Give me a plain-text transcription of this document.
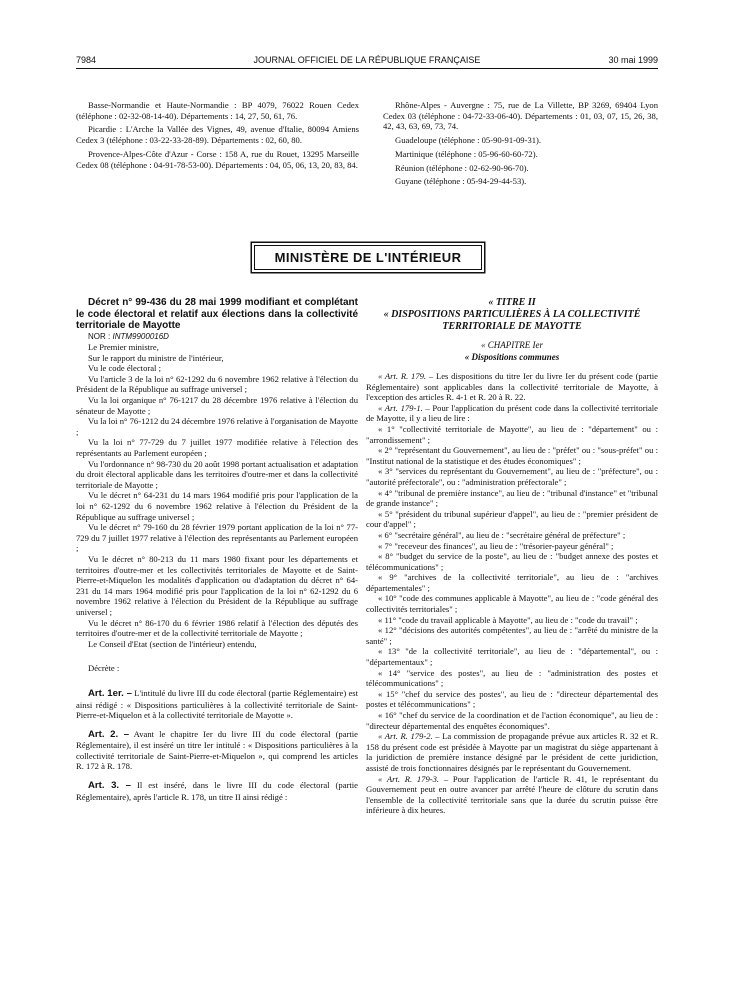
7984	JOURNAL OFFICIEL DE LA RÉPUBLIQUE FRANÇAISE	30 mai 1999

Basse-Normandie et Haute-Normandie : BP 4079, 76022 Rouen Cedex (téléphone : 02-32-08-14-40). Départements : 14, 27, 50, 61, 76.

Picardie : L'Arche la Vallée des Vignes, 49, avenue d'Italie, 80094 Amiens Cedex 3 (téléphone : 03-22-33-28-89). Départements : 02, 60, 80.

Provence-Alpes-Côte d'Azur - Corse : 158 A, rue du Rouet, 13295 Marseille Cedex 08 (téléphone : 04-91-78-53-00). Départements : 04, 05, 06, 13, 20, 83, 84.

Rhône-Alpes - Auvergne : 75, rue de La Villette, BP 3269, 69404 Lyon Cedex 03 (téléphone : 04-72-33-06-40). Départements : 01, 03, 07, 15, 26, 38, 42, 43, 63, 69, 73, 74.

Guadeloupe (téléphone : 05-90-91-09-31).

Martinique (téléphone : 05-96-60-60-72).

Réunion (téléphone : 02-62-90-96-70).

Guyane (téléphone : 05-94-29-44-53).

MINISTÈRE DE L'INTÉRIEUR

Décret n° 99-436 du 28 mai 1999 modifiant et complétant le code électoral et relatif aux élections dans la collectivité territoriale de Mayotte

NOR : INTM9900016D

Le Premier ministre,

Sur le rapport du ministre de l'intérieur,

Vu le code électoral ;

Vu l'article 3 de la loi n° 62-1292 du 6 novembre 1962 relative à l'élection du Président de la République au suffrage universel ;

Vu la loi organique n° 76-1217 du 28 décembre 1976 relative à l'élection du sénateur de Mayotte ;

Vu la loi n° 76-1212 du 24 décembre 1976 relative à l'organisation de Mayotte ;

Vu la loi n° 77-729 du 7 juillet 1977 modifiée relative à l'élection des représentants au Parlement européen ;

Vu l'ordonnance n° 98-730 du 20 août 1998 portant actualisation et adaptation du droit électoral applicable dans les territoires d'outre-mer et dans la collectivité territoriale de Mayotte ;

Vu le décret n° 64-231 du 14 mars 1964 modifié pris pour l'application de la loi n° 62-1292 du 6 novembre 1962 relative à l'élection du Président de la République au suffrage universel ;

Vu le décret n° 79-160 du 28 février 1979 portant application de la loi n° 77-729 du 7 juillet 1977 relative à l'élection des représentants au Parlement européen ;

Vu le décret n° 80-213 du 11 mars 1980 fixant pour les départements et territoires d'outre-mer et les collectivités territoriales de Mayotte et de Saint-Pierre-et-Miquelon les modalités d'application ou d'adaptation du décret n° 64-231 du 14 mars 1964 modifié pris pour l'application de la loi n° 62-1292 du 6 novembre 1962 relative à l'élection du Président de la République au suffrage universel ;

Vu le décret n° 86-170 du 6 février 1986 relatif à l'élection des députés des territoires d'outre-mer et de la collectivité territoriale de Mayotte ;

Le Conseil d'Etat (section de l'intérieur) entendu,

Décrète :

Art. 1er. – L'intitulé du livre III du code électoral (partie Réglementaire) est ainsi rédigé : « Dispositions particulières à la collectivité territoriale de Saint-Pierre-et-Miquelon et à la collectivité territoriale de Mayotte ».

Art. 2. – Avant le chapitre Ier du livre III du code électoral (partie Réglementaire), il est inséré un titre Ier intitulé : « Dispositions particulières à la collectivité territoriale de Saint-Pierre-et-Miquelon », qui comprend les articles R. 172 à R. 178.

Art. 3. – Il est inséré, dans le livre III du code électoral (partie Réglementaire), après l'article R. 178, un titre II ainsi rédigé :

« TITRE II
« DISPOSITIONS PARTICULIÈRES À LA COLLECTIVITÉ TERRITORIALE DE MAYOTTE
« CHAPITRE Ier
« Dispositions communes

« Art. R. 179. – Les dispositions du titre Ier du livre Ier du présent code (partie Réglementaire) sont applicables dans la collectivité territoriale de Mayotte, à l'exception des articles R. 4-1 et R. 20 à R. 22.

« Art. 179-1. – Pour l'application du présent code dans la collectivité territoriale de Mayotte, il y a lieu de lire :

« 1° "collectivité territoriale de Mayotte", au lieu de : "département" ou : "arrondissement" ;

« 2° "représentant du Gouvernement", au lieu de : "préfet" ou : "sous-préfet" ou : "Institut national de la statistique et des études économiques" ;

« 3° "services du représentant du Gouvernement", au lieu de : "préfecture", ou : "autorité préfectorale", ou : "administration préfectorale" ;

« 4° "tribunal de première instance", au lieu de : "tribunal d'instance" et "tribunal de grande instance" ;

« 5° "président du tribunal supérieur d'appel", au lieu de : "premier président de cour d'appel" ;

« 6° "secrétaire général", au lieu de : "secrétaire général de préfecture" ;

« 7° "receveur des finances", au lieu de : "trésorier-payeur général" ;

« 8° "budget du service de la poste", au lieu de : "budget annexe des postes et télécommunications" ;

« 9° "archives de la collectivité territoriale", au lieu de : "archives départementales" ;

« 10° "code des communes applicable à Mayotte", au lieu de : "code général des collectivités territoriales" ;

« 11° "code du travail applicable à Mayotte", au lieu de : "code du travail" ;

« 12° "décisions des autorités compétentes", au lieu de : "arrêté du ministre de la santé" ;

« 13° "de la collectivité territoriale", au lieu de : "départemental", ou : "départementaux" ;

« 14° "service des postes", au lieu de : "administration des postes et télécommunications" ;

« 15° "chef du service des postes", au lieu de : "directeur départemental des postes et télécommunications" ;

« 16° "chef du service de la coordination et de l'action économique", au lieu de : "directeur départemental des enquêtes économiques".

« Art. R. 179-2. – La commission de propagande prévue aux articles R. 32 et R. 158 du présent code est présidée à Mayotte par un magistrat du siège appartenant à la juridiction de première instance désigné par le président de cette juridiction, assisté de trois fonctionnaires désignés par le représentant du Gouvernement.

« Art. R. 179-3. – Pour l'application de l'article R. 41, le représentant du Gouvernement peut en outre avancer par arrêté l'heure de clôture du scrutin dans l'ensemble de la collectivité territoriale sans que la durée du scrutin puisse être inférieure à dix heures.
